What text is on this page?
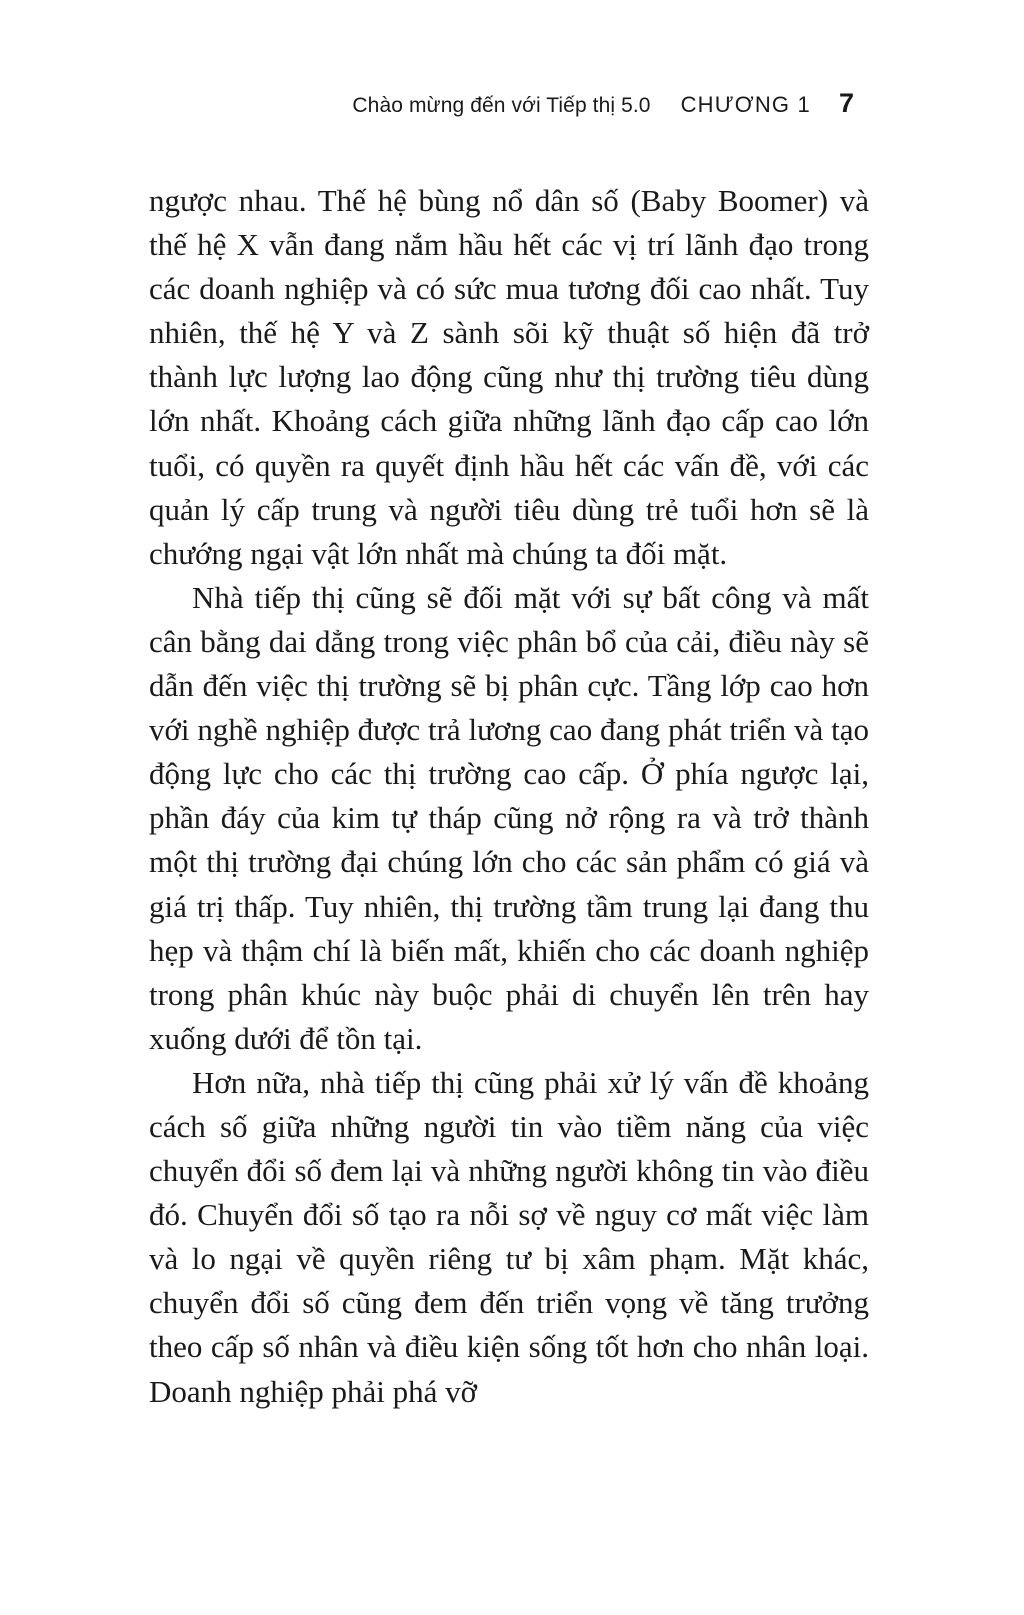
Chào mừng đến với Tiếp thị 5.0 CHƯƠNG 1 7

ngược nhau. Thế hệ bùng nổ dân số (Baby Boomer) và thế hệ X vẫn đang nắm hầu hết các vị trí lãnh đạo trong các doanh nghiệp và có sức mua tương đối cao nhất. Tuy nhiên, thế hệ Y và Z sành sõi kỹ thuật số hiện đã trở thành lực lượng lao động cũng như thị trường tiêu dùng lớn nhất. Khoảng cách giữa những lãnh đạo cấp cao lớn tuổi, có quyền ra quyết định hầu hết các vấn đề, với các quản lý cấp trung và người tiêu dùng trẻ tuổi hơn sẽ là chướng ngại vật lớn nhất mà chúng ta đối mặt.

Nhà tiếp thị cũng sẽ đối mặt với sự bất công và mất cân bằng dai dẳng trong việc phân bổ của cải, điều này sẽ dẫn đến việc thị trường sẽ bị phân cực. Tầng lớp cao hơn với nghề nghiệp được trả lương cao đang phát triển và tạo động lực cho các thị trường cao cấp. Ở phía ngược lại, phần đáy của kim tự tháp cũng nở rộng ra và trở thành một thị trường đại chúng lớn cho các sản phẩm có giá và giá trị thấp. Tuy nhiên, thị trường tầm trung lại đang thu hẹp và thậm chí là biến mất, khiến cho các doanh nghiệp trong phân khúc này buộc phải di chuyển lên trên hay xuống dưới để tồn tại.

Hơn nữa, nhà tiếp thị cũng phải xử lý vấn đề khoảng cách số giữa những người tin vào tiềm năng của việc chuyển đổi số đem lại và những người không tin vào điều đó. Chuyển đổi số tạo ra nỗi sợ về nguy cơ mất việc làm và lo ngại về quyền riêng tư bị xâm phạm. Mặt khác, chuyển đổi số cũng đem đến triển vọng về tăng trưởng theo cấp số nhân và điều kiện sống tốt hơn cho nhân loại. Doanh nghiệp phải phá vỡ
